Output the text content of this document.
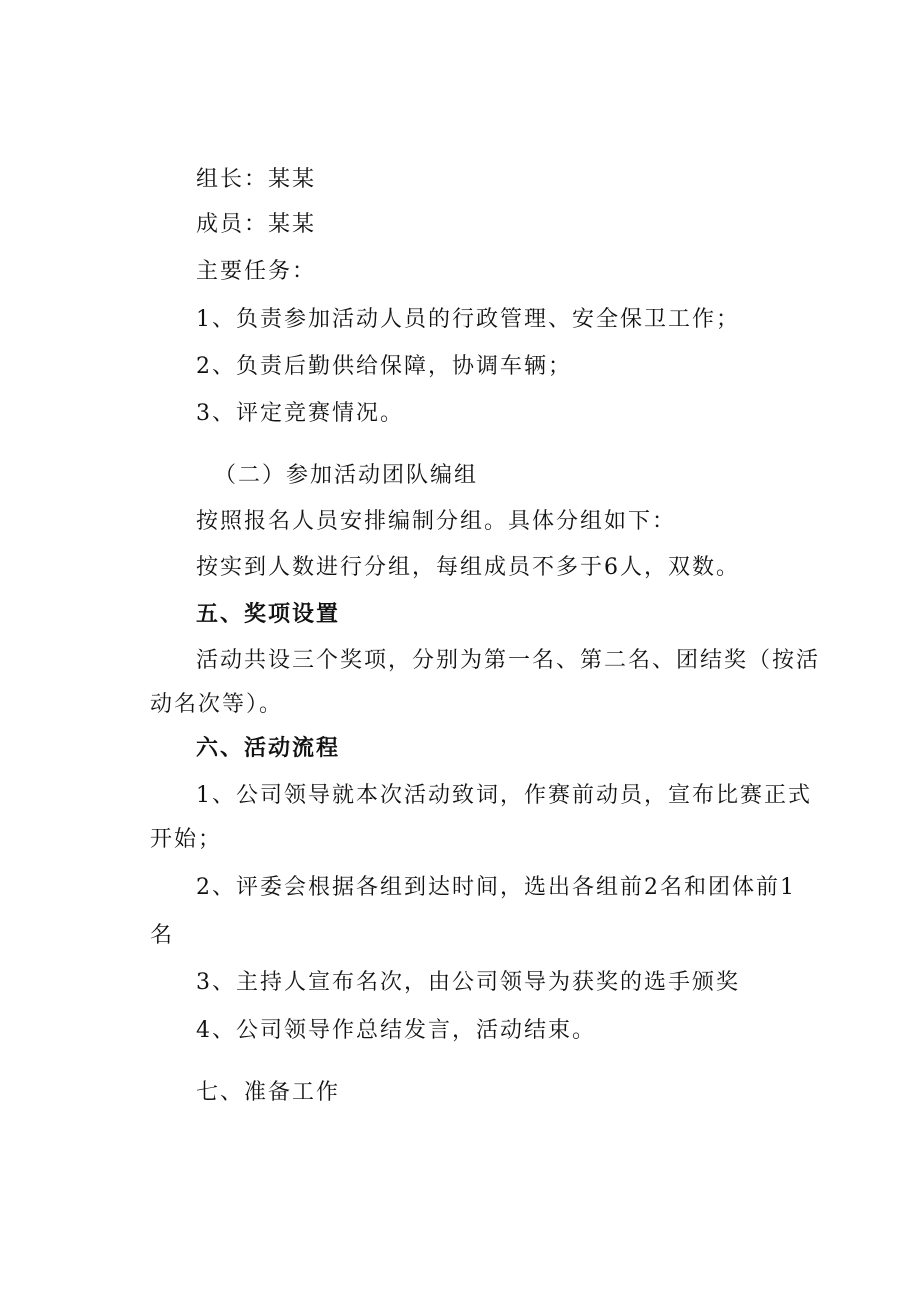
组长：某某
成员：某某
主要任务：
1、负责参加活动人员的行政管理、安全保卫工作；
2、负责后勤供给保障，协调车辆；
3、评定竞赛情况。
（二）参加活动团队编组
按照报名人员安排编制分组。具体分组如下：
按实到人数进行分组，每组成员不多于6人，双数。
五、奖项设置
活动共设三个奖项，分别为第一名、第二名、团结奖（按活
动名次等）。
六、活动流程
1、公司领导就本次活动致词，作赛前动员，宣布比赛正式
开始；
2、评委会根据各组到达时间，选出各组前2名和团体前1
名
3、主持人宣布名次，由公司领导为获奖的选手颁奖
4、公司领导作总结发言，活动结束。
七、准备工作
